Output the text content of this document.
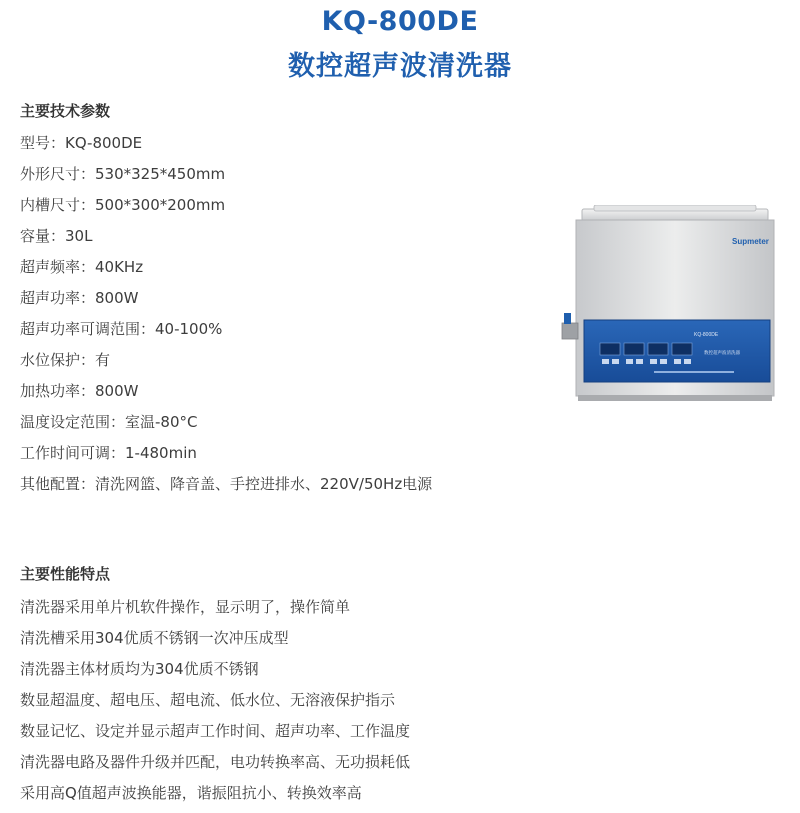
KQ-800DE
数控超声波清洗器
主要技术参数
型号：KQ-800DE
外形尺寸：530*325*450mm
内槽尺寸：500*300*200mm
容量：30L
超声频率：40KHz
超声功率：800W
超声功率可调范围：40-100%
水位保护：有
加热功率：800W
温度设定范围：室温-80°C
工作时间可调：1-480min
其他配置：清洗网篮、降音盖、手控进排水、220V/50Hz电源
主要性能特点
清洗器采用单片机软件操作，显示明了，操作简单
清洗槽采用304优质不锈钢一次冲压成型
清洗器主体材质均为304优质不锈钢
数显超温度、超电压、超电流、低水位、无溶液保护指示
数显记忆、设定并显示超声工作时间、超声功率、工作温度
清洗器电路及器件升级并匹配，电功转换率高、无功损耗低
采用高Q值超声波换能器，谐振阻抗小、转换效率高
Supmeter
KQ-800DE
数控超声波清洗器
